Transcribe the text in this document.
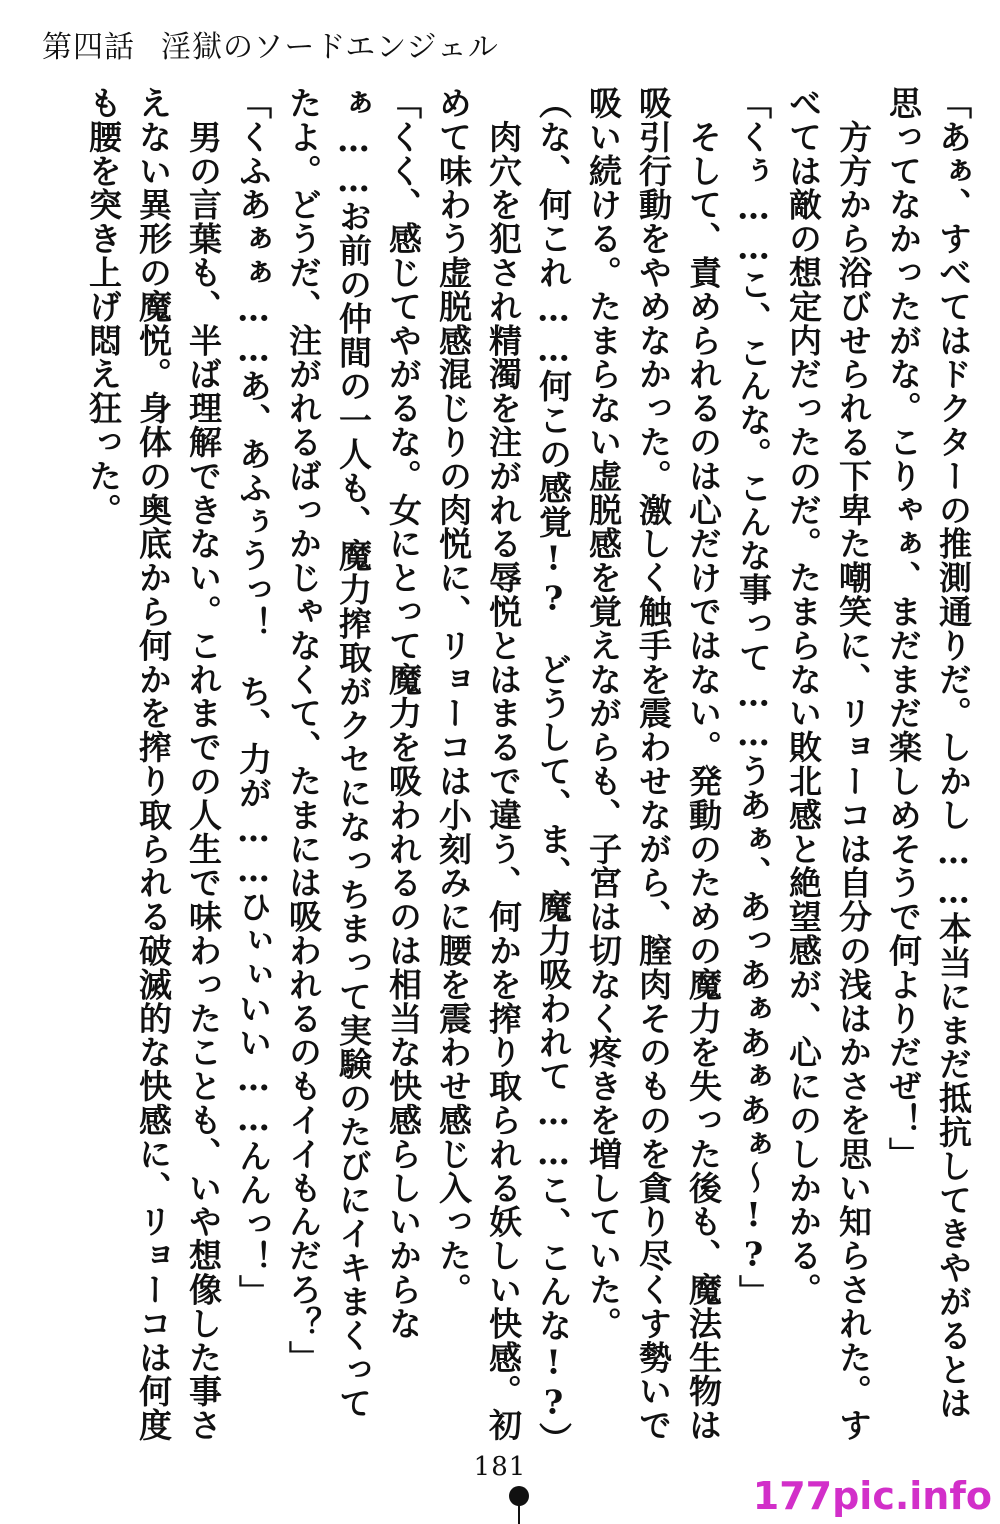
第四話 淫獄のソードエンジェル

「あぁ、すべてはドクターの推測通りだ。しかし……本当にまだ抵抗してきやがるとは思ってなかったがな。こりゃぁ、まだまだ楽しめそうで何よりだぜ！」

　方方から浴びせられる下卑た嘲笑に、リョーコは自分の浅はかさを思い知らされた。すべては敵の想定内だったのだ。たまらない敗北感と絶望感が、心にのしかかる。

「くぅ……こ、こんな。こんな事って……うあぁ、あっあぁあぁあぁ～!?」

　そして、責められるのは心だけではない。発動のための魔力を失った後も、魔法生物は吸引行動をやめなかった。激しく触手を震わせながら、膣肉そのものを貪り尽くす勢いで吸い続ける。たまらない虚脱感を覚えながらも、子宮は切なく疼きを増していた。

（な、何これ……何この感覚!?　どうして、ま、魔力吸われて……こ、こんな!?）

　肉穴を犯され精濁を注がれる辱悦とはまるで違う、何かを搾り取られる妖しい快感。初めて味わう虚脱感混じりの肉悦に、リョーコは小刻みに腰を震わせ感じ入った。

「くく、感じてやがるな。女にとって魔力を吸われるのは相当な快感らしいからなぁ……お前の仲間の一人も、魔力搾取がクセになっちまって実験のたびにイキまくってたよ。どうだ、注がれるばっかじゃなくて、たまには吸われるのもイイもんだろ？」

「くふあぁぁ……あ、あふぅうっ！　ち、力が……ひぃぃいい……んんっ！」

　男の言葉も、半ば理解できない。これまでの人生で味わったことも、いや想像した事さえない異形の魔悦。身体の奥底から何かを搾り取られる破滅的な快感に、リョーコは何度も腰を突き上げ悶え狂った。

181
177pic.info
